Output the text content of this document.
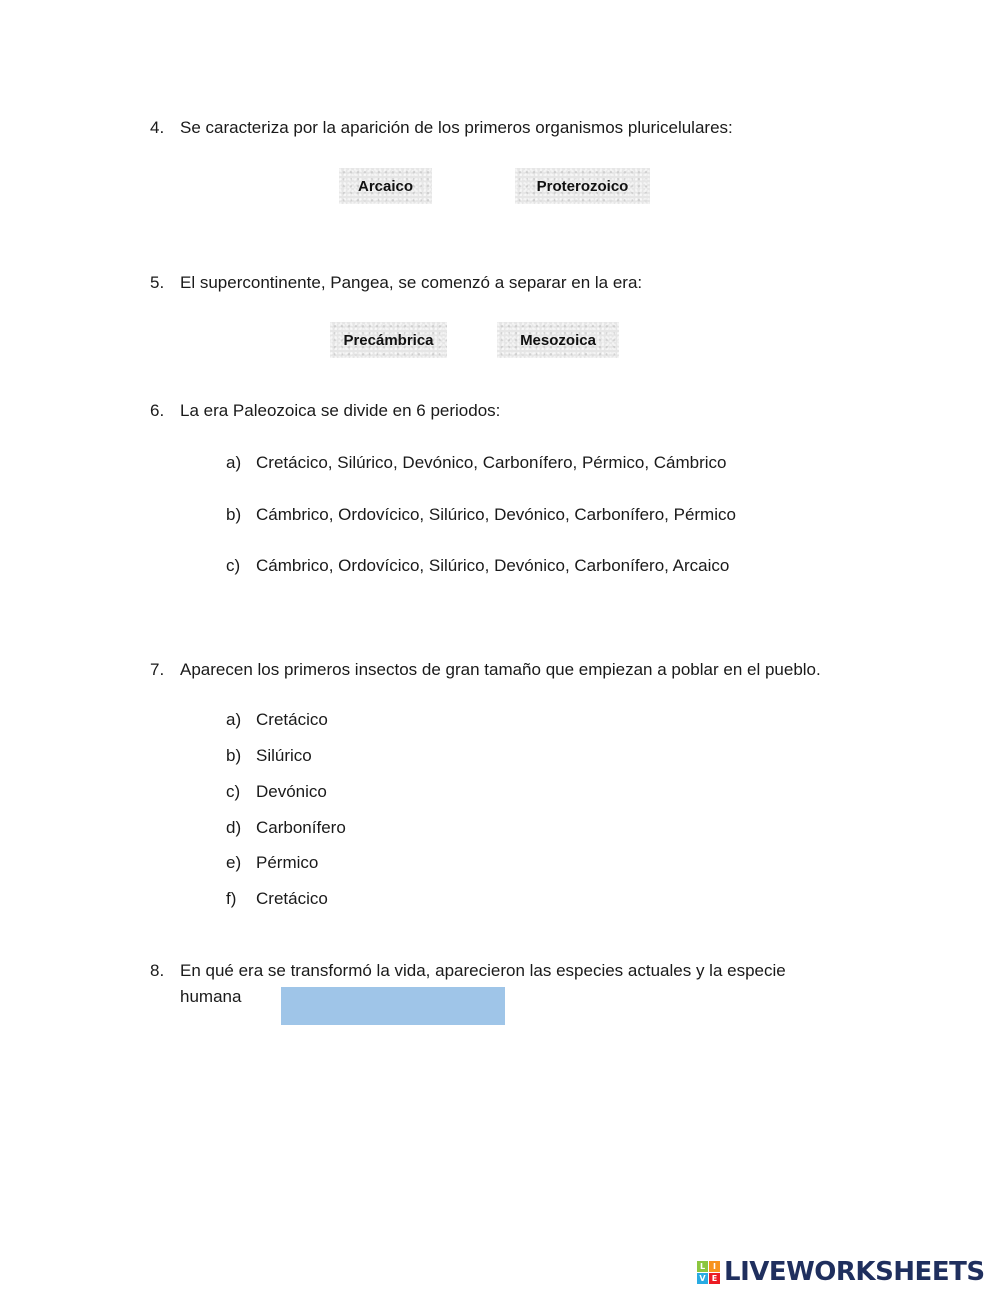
4. Se caracteriza por la aparición de los primeros organismos pluricelulares:
Arcaico	Proterozoico
5. El supercontinente, Pangea, se comenzó a separar en la era:
Precámbrica	Mesozoica
6. La era Paleozoica se divide en 6 periodos:
a) Cretácico, Silúrico, Devónico, Carbonífero, Pérmico, Cámbrico
b) Cámbrico, Ordovícico, Silúrico, Devónico, Carbonífero, Pérmico
c) Cámbrico, Ordovícico, Silúrico, Devónico, Carbonífero, Arcaico
7. Aparecen los primeros insectos de gran tamaño que empiezan a poblar en el pueblo.
a) Cretácico
b) Silúrico
c) Devónico
d) Carbonífero
e) Pérmico
f) Cretácico
8. En qué era se transformó la vida, aparecieron las especies actuales y la especie humana
L I
V E LIVEWORKSHEETS
